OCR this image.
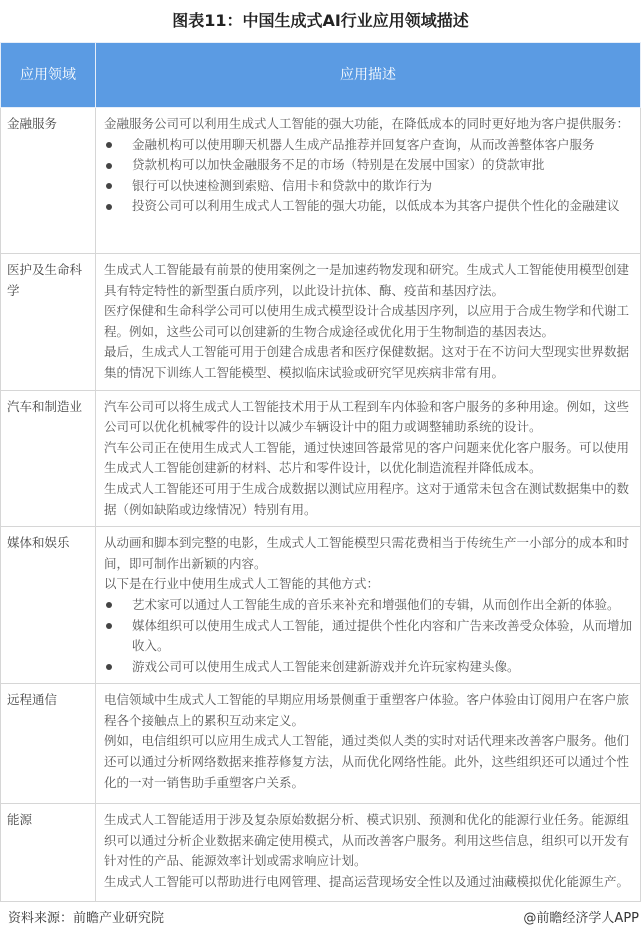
图表11：中国生成式AI行业应用领域描述
应用领域	应用描述
金融服务	金融服务公司可以利用生成式人工智能的强大功能，在降低成本的同时更好地为客户提供服务：
金融机构可以使用聊天机器人生成产品推荐并回复客户查询，从而改善整体客户服务
贷款机构可以加快金融服务不足的市场（特别是在发展中国家）的贷款审批
银行可以快速检测到索赔、信用卡和贷款中的欺诈行为
投资公司可以利用生成式人工智能的强大功能，以低成本为其客户提供个性化的金融建议

医护及生命科学	生成式人工智能最有前景的使用案例之一是加速药物发现和研究。生成式人工智能使用模型创建具有特定特性的新型蛋白质序列，以此设计抗体、酶、疫苗和基因疗法。
医疗保健和生命科学公司可以使用生成式模型设计合成基因序列，以应用于合成生物学和代谢工程。例如，这些公司可以创建新的生物合成途径或优化用于生物制造的基因表达。
最后，生成式人工智能可用于创建合成患者和医疗保健数据。这对于在不访问大型现实世界数据集的情况下训练人工智能模型、模拟临床试验或研究罕见疾病非常有用。

汽车和制造业	汽车公司可以将生成式人工智能技术用于从工程到车内体验和客户服务的多种用途。例如，这些公司可以优化机械零件的设计以减少车辆设计中的阻力或调整辅助系统的设计。
汽车公司正在使用生成式人工智能，通过快速回答最常见的客户问题来优化客户服务。可以使用生成式人工智能创建新的材料、芯片和零件设计，以优化制造流程并降低成本。
生成式人工智能还可用于生成合成数据以测试应用程序。这对于通常未包含在测试数据集中的数据（例如缺陷或边缘情况）特别有用。

媒体和娱乐	从动画和脚本到完整的电影，生成式人工智能模型只需花费相当于传统生产一小部分的成本和时间，即可制作出新颖的内容。
以下是在行业中使用生成式人工智能的其他方式：
艺术家可以通过人工智能生成的音乐来补充和增强他们的专辑，从而创作出全新的体验。
媒体组织可以使用生成式人工智能，通过提供个性化内容和广告来改善受众体验，从而增加收入。
游戏公司可以使用生成式人工智能来创建新游戏并允许玩家构建头像。

远程通信	电信领域中生成式人工智能的早期应用场景侧重于重塑客户体验。客户体验由订阅用户在客户旅程各个接触点上的累积互动来定义。
例如，电信组织可以应用生成式人工智能，通过类似人类的实时对话代理来改善客户服务。他们还可以通过分析网络数据来推荐修复方法，从而优化网络性能。此外，这些组织还可以通过个性化的一对一销售助手重塑客户关系。

能源	生成式人工智能适用于涉及复杂原始数据分析、模式识别、预测和优化的能源行业任务。能源组织可以通过分析企业数据来确定使用模式，从而改善客户服务。利用这些信息，组织可以开发有针对性的产品、能源效率计划或需求响应计划。
生成式人工智能可以帮助进行电网管理、提高运营现场安全性以及通过油藏模拟优化能源生产。
资料来源：前瞻产业研究院	@前瞻经济学人APP
